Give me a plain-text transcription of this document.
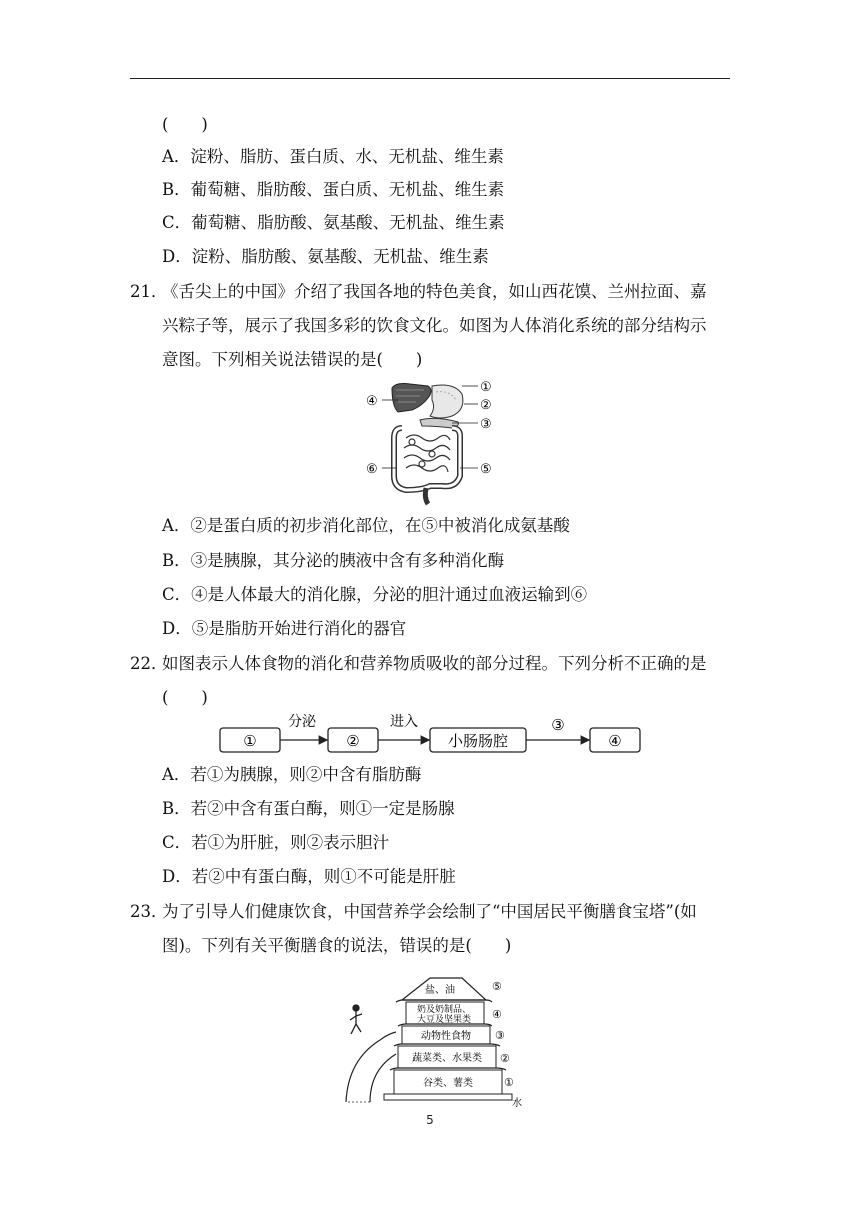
(　　)
A．淀粉、脂肪、蛋白质、水、无机盐、维生素
B．葡萄糖、脂肪酸、蛋白质、无机盐、维生素
C．葡萄糖、脂肪酸、氨基酸、无机盐、维生素
D．淀粉、脂肪酸、氨基酸、无机盐、维生素
21．
《舌尖上的中国》介绍了我国各地的特色美食，如山西花馍、兰州拉面、嘉
兴粽子等，展示了我国多彩的饮食文化。如图为人体消化系统的部分结构示
意图。下列相关说法错误的是(　　)
①
②
③
④
⑤
⑥
A．②是蛋白质的初步消化部位，在⑤中被消化成氨基酸
B．③是胰腺，其分泌的胰液中含有多种消化酶
C．④是人体最大的消化腺，分泌的胆汁通过血液运输到⑥
D．⑤是脂肪开始进行消化的器官
22．
如图表示人体食物的消化和营养物质吸收的部分过程。下列分析不正确的是
(　　)
①
分泌
②
进入
小肠肠腔
③
④
A．若①为胰腺，则②中含有脂肪酶
B．若②中含有蛋白酶，则①一定是肠腺
C．若①为肝脏，则②表示胆汁
D．若②中有蛋白酶，则①不可能是肝脏
23．
为了引导人们健康饮食，中国营养学会绘制了“中国居民平衡膳食宝塔”(如
图)。下列有关平衡膳食的说法，错误的是(　　)
盐、油
奶及奶制品、
大豆及坚果类
动物性食物
蔬菜类、水果类
谷类、薯类
水
⑤
④
③
②
①
5
